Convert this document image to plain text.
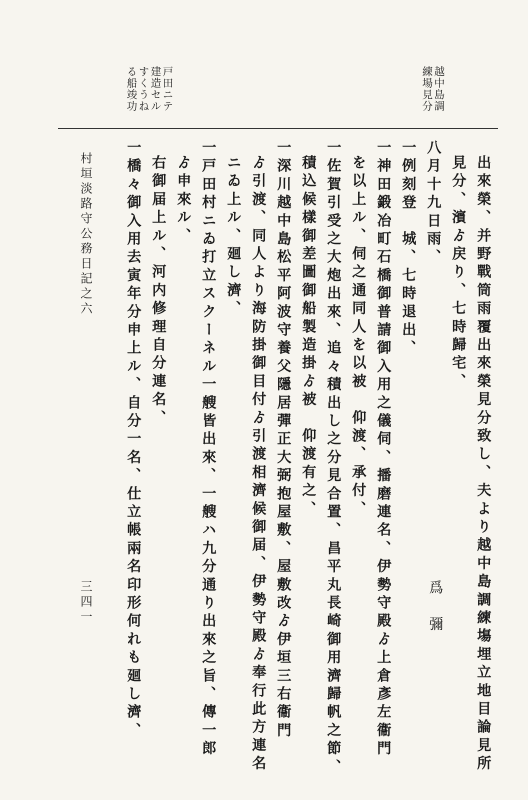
越中島調
練場見分
戸田ニテ
建造セル
すくうね
る船竣功
出來榮、并野戰筒雨覆出來榮見分致し、夫より越中島調練塲埋立地目論見所
見分、濱ゟ戻り、七時歸宅、
八月十九日雨、
一例刻登　城、七時退出、
一神田鍛冶町石橋御普請御入用之儀伺、播磨連名、伊勢守殿ゟ上倉彥左衞門
を以上ル、伺之通同人を以被　仰渡、承付、
一佐賀引受之大炮出來、追々積出し之分見合置、昌平丸長崎御用濟歸帆之節、
積込候樣御差圖御船製造掛ゟ被　仰渡有之、
一深川越中島松平阿波守養父隱居彈正大弼抱屋敷、屋敷改ゟ伊垣三右衞門
ゟ引渡、同人より海防掛御目付ゟ引渡相濟候御届、伊勢守殿ゟ奉行此方連名
ニゐ上ル、廻し濟、
一戸田村ニゐ打立スクーネル一艘皆出來、一艘ハ九分通り出來之旨、傳一郎
ゟ申來ル、
右御届上ル、河内修理自分連名、
一橋々御入用去寅年分申上ル、自分一名、仕立帳兩名印形何れも廻し濟、	爲　彌
村垣淡路守公務日記之六
三四一
